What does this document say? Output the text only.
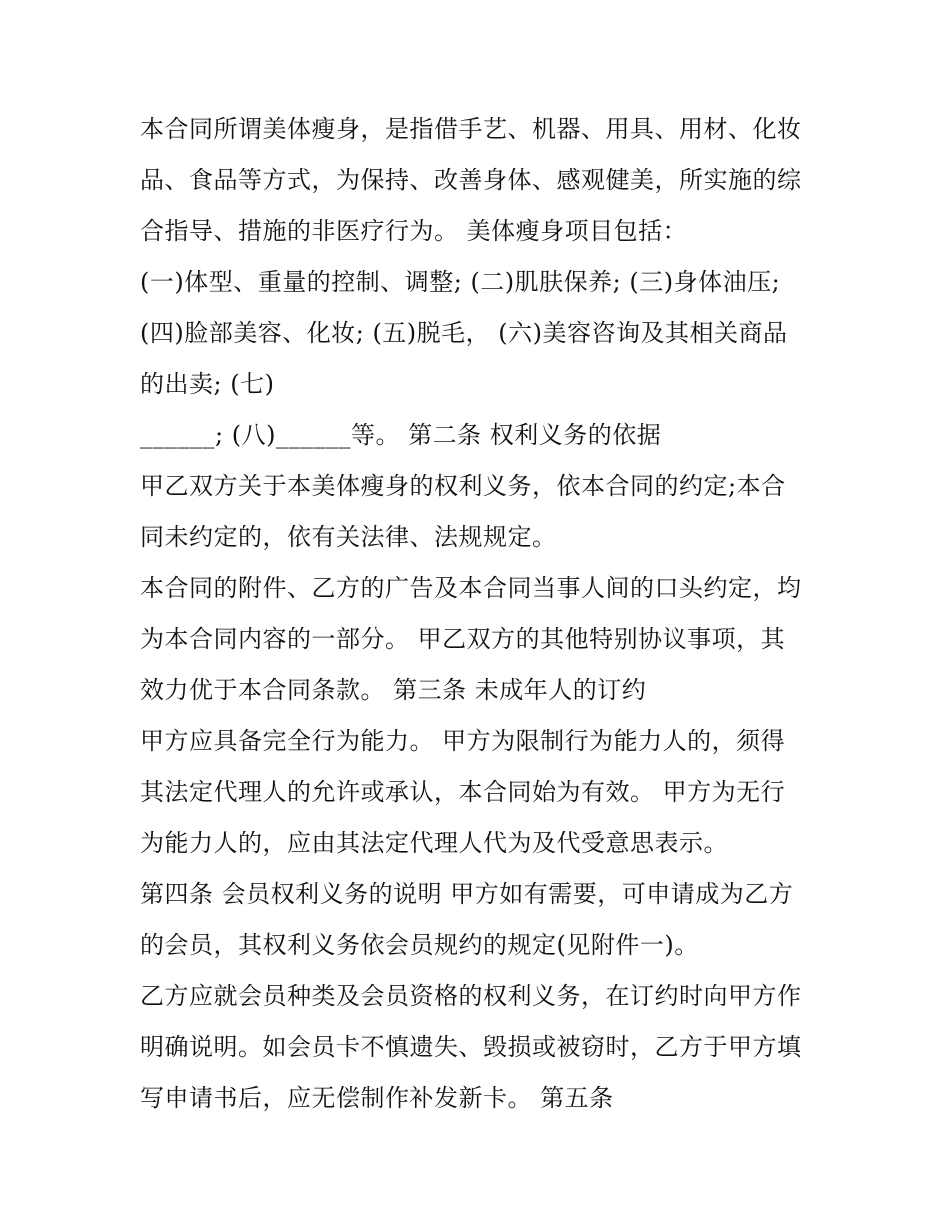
本合同所谓美体瘦身，是指借手艺、机器、用具、用材、化妆
品、食品等方式，为保持、改善身体、感观健美，所实施的综
合指导、措施的非医疗行为。 美体瘦身项目包括：
(一)体型、重量的控制、调整; (二)肌肤保养; (三)身体油压;
(四)脸部美容、化妆; (五)脱毛， (六)美容咨询及其相关商品
的出卖; (七)
______; (八)______等。 第二条 权利义务的依据
甲乙双方关于本美体瘦身的权利义务，依本合同的约定;本合
同未约定的，依有关法律、法规规定。
本合同的附件、乙方的广告及本合同当事人间的口头约定，均
为本合同内容的一部分。 甲乙双方的其他特别协议事项，其
效力优于本合同条款。 第三条 未成年人的订约
甲方应具备完全行为能力。 甲方为限制行为能力人的，须得
其法定代理人的允许或承认，本合同始为有效。 甲方为无行
为能力人的，应由其法定代理人代为及代受意思表示。
第四条 会员权利义务的说明 甲方如有需要，可申请成为乙方
的会员，其权利义务依会员规约的规定(见附件一)。
乙方应就会员种类及会员资格的权利义务，在订约时向甲方作
明确说明。如会员卡不慎遗失、毁损或被窃时，乙方于甲方填
写申请书后，应无偿制作补发新卡。 第五条
